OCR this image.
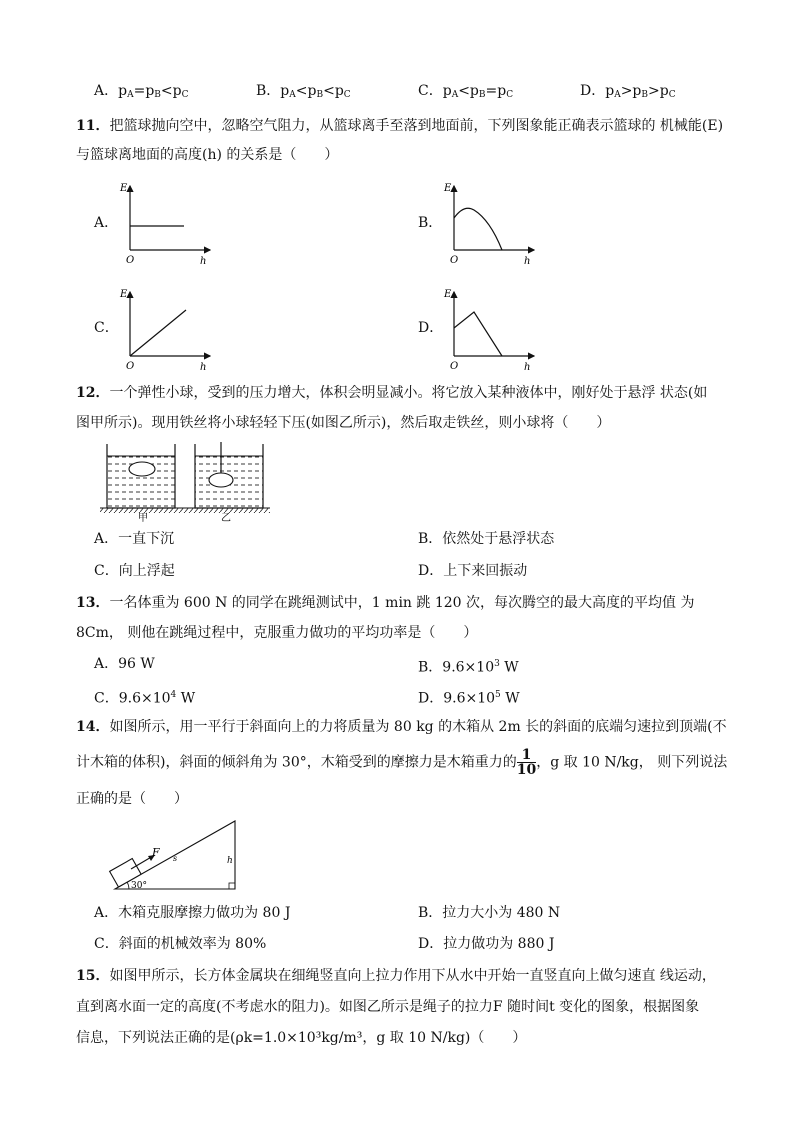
A．$p_A=p_B<p_C$	B．$p_A<p_B<p_C$	C．$p_A<p_B=p_C$	D．$p_A>p_B>p_C$
11．把篮球抛向空中，忽略空气阻力，从篮球离手至落到地面前，下列图象能正确表示篮球的 机械能(E)
与篮球离地面的高度(h) 的关系是（　　）
A．	B．
C．	D．
E
O	h
E
O	h
E
O	h
E
O	h
12．一个弹性小球，受到的压力增大，体积会明显减小。将它放入某种液体中，刚好处于悬浮 状态(如
图甲所示)。现用铁丝将小球轻轻下压(如图乙所示)，然后取走铁丝，则小球将（　　）
甲	乙
A．一直下沉	B．依然处于悬浮状态
C．向上浮起	D．上下来回振动
13．一名体重为 600 N 的同学在跳绳测试中，1 min 跳 120 次，每次腾空的最大高度的平均值 为
8Cm， 则他在跳绳过程中，克服重力做功的平均功率是（　　）
A．96 W	B．$9.6\times 10^3$ W
C．$9.6\times 10^4$ W	D．$9.6\times 10^5$ W
14．如图所示，用一平行于斜面向上的力将质量为 80 kg 的木箱从 2m 长的斜面的底端匀速拉到顶端(不
计木箱的体积)，斜面的倾斜角为 30°，木箱受到的摩擦力是木箱重力的 $\frac{1}{10}$ ，g 取 10 N/kg， 则下列说法
正确的是（　　）
F s	h
30°
A．木箱克服摩擦力做功为 80 J	B．拉力大小为 480 N
C．斜面的机械效率为 80%	D．拉力做功为 880 J
15．如图甲所示，长方体金属块在细绳竖直向上拉力作用下从水中开始一直竖直向上做匀速直 线运动，
直到离水面一定的高度(不考虑水的阻力)。如图乙所示是绳子的拉力F 随时间t 变化的图象，根据图象
信息，下列说法正确的是(ρk=1.0×10³kg/m³，g 取 10 N/kg)（　　）
